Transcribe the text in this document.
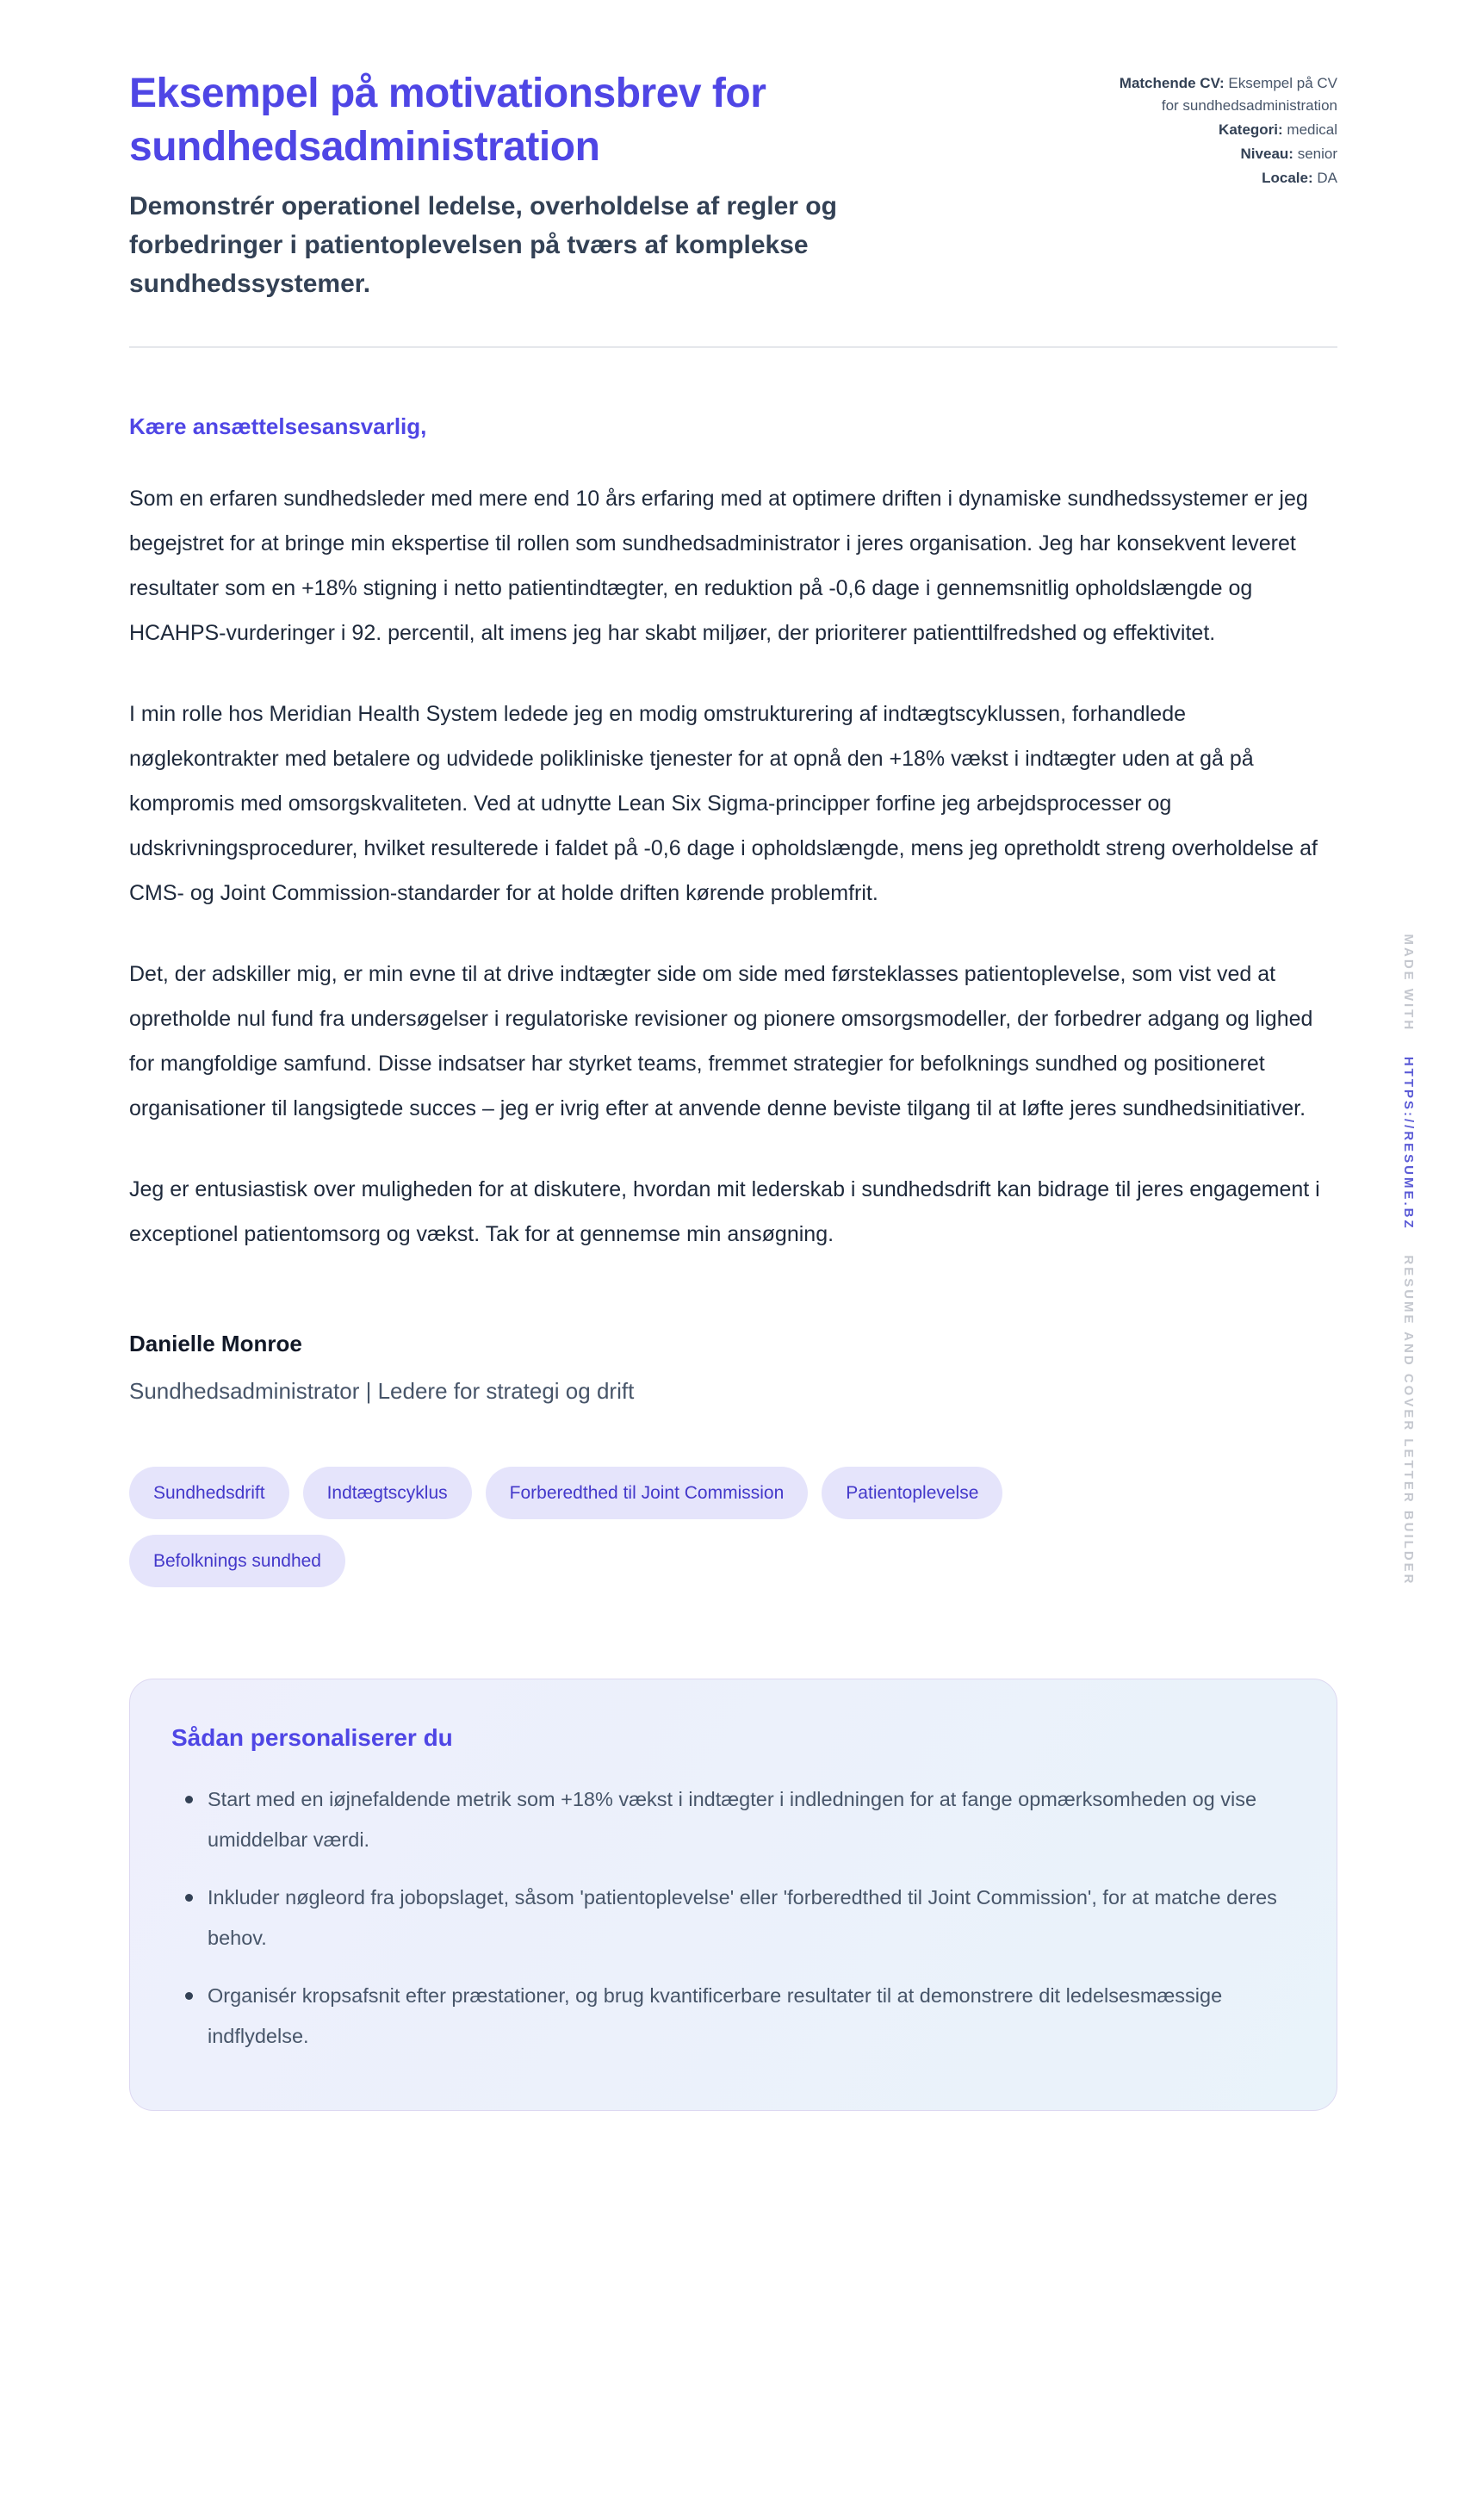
Eksempel på motivationsbrev for sundhedsadministration

Demonstrér operationel ledelse, overholdelse af regler og forbedringer i patientoplevelsen på tværs af komplekse sundhedssystemer.

Matchende CV: Eksempel på CV for sundhedsadministration
Kategori: medical
Niveau: senior
Locale: DA

Kære ansættelsesansvarlig,

Som en erfaren sundhedsleder med mere end 10 års erfaring med at optimere driften i dynamiske sundhedssystemer er jeg begejstret for at bringe min ekspertise til rollen som sundhedsadministrator i jeres organisation. Jeg har konsekvent leveret resultater som en +18% stigning i netto patientindtægter, en reduktion på -0,6 dage i gennemsnitlig opholdslængde og HCAHPS-vurderinger i 92. percentil, alt imens jeg har skabt miljøer, der prioriterer patienttilfredshed og effektivitet.

I min rolle hos Meridian Health System ledede jeg en modig omstrukturering af indtægtscyklussen, forhandlede nøglekontrakter med betalere og udvidede polikliniske tjenester for at opnå den +18% vækst i indtægter uden at gå på kompromis med omsorgskvaliteten. Ved at udnytte Lean Six Sigma-principper forfine jeg arbejdsprocesser og udskrivningsprocedurer, hvilket resulterede i faldet på -0,6 dage i opholdslængde, mens jeg opretholdt streng overholdelse af CMS- og Joint Commission-standarder for at holde driften kørende problemfrit.

Det, der adskiller mig, er min evne til at drive indtægter side om side med førsteklasses patientoplevelse, som vist ved at opretholde nul fund fra undersøgelser i regulatoriske revisioner og pionere omsorgsmodeller, der forbedrer adgang og lighed for mangfoldige samfund. Disse indsatser har styrket teams, fremmet strategier for befolknings sundhed og positioneret organisationer til langsigtede succes – jeg er ivrig efter at anvende denne beviste tilgang til at løfte jeres sundhedsinitiativer.

Jeg er entusiastisk over muligheden for at diskutere, hvordan mit lederskab i sundhedsdrift kan bidrage til jeres engagement i exceptionel patientomsorg og vækst. Tak for at gennemse min ansøgning.

Danielle Monroe

Sundhedsadministrator | Ledere for strategi og drift

Sundhedsdrift	Indtægtscyklus	Forberedthed til Joint Commission	Patientoplevelse
Befolknings sundhed
Sådan personaliserer du
Start med en iøjnefaldende metrik som +18% vækst i indtægter i indledningen for at fange opmærksomheden og vise umiddelbar værdi.
Inkluder nøgleord fra jobopslaget, såsom 'patientoplevelse' eller 'forberedthed til Joint Commission', for at matche deres behov.
Organisér kropsafsnit efter præstationer, og brug kvantificerbare resultater til at demonstrere dit ledelsesmæssige indflydelse.
MADE WITH    HTTPS://RESUME.BZ    RESUME AND COVER LETTER BUILDER
